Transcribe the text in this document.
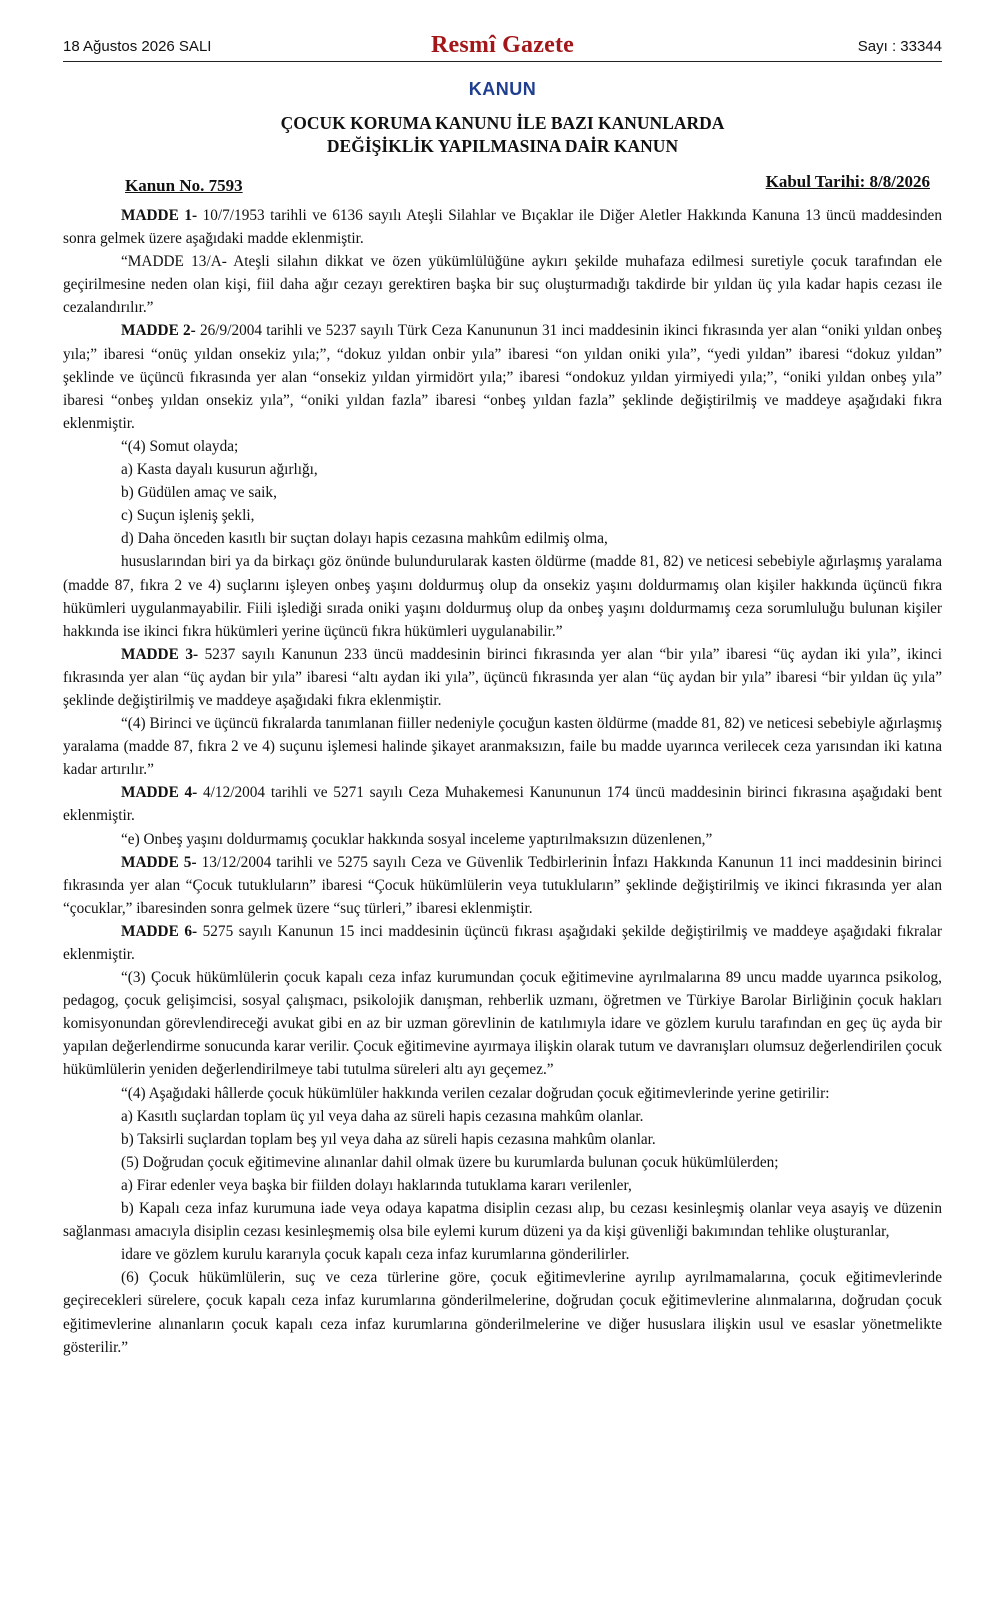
18 Ağustos 2026 SALI	Resmî Gazete	Sayı : 33344
KANUN
ÇOCUK KORUMA KANUNU İLE BAZI KANUNLARDA
DEĞİŞİKLİK YAPILMASINA DAİR KANUN
Kanun No. 7593	Kabul Tarihi: 8/8/2026

MADDE 1- 10/7/1953 tarihli ve 6136 sayılı Ateşli Silahlar ve Bıçaklar ile Diğer Aletler Hakkında Kanuna 13 üncü maddesinden sonra gelmek üzere aşağıdaki madde eklenmiştir.

“MADDE 13/A- Ateşli silahın dikkat ve özen yükümlülüğüne aykırı şekilde muhafaza edilmesi suretiyle çocuk tarafından ele geçirilmesine neden olan kişi, fiil daha ağır cezayı gerektiren başka bir suç oluşturmadığı takdirde bir yıldan üç yıla kadar hapis cezası ile cezalandırılır.”

MADDE 2- 26/9/2004 tarihli ve 5237 sayılı Türk Ceza Kanununun 31 inci maddesinin ikinci fıkrasında yer alan “oniki yıldan onbeş yıla;” ibaresi “onüç yıldan onsekiz yıla;”, “dokuz yıldan onbir yıla” ibaresi “on yıldan oniki yıla”, “yedi yıldan” ibaresi “dokuz yıldan” şeklinde ve üçüncü fıkrasında yer alan “onsekiz yıldan yirmidört yıla;” ibaresi “ondokuz yıldan yirmiyedi yıla;”, “oniki yıldan onbeş yıla” ibaresi “onbeş yıldan onsekiz yıla”, “oniki yıldan fazla” ibaresi “onbeş yıldan fazla” şeklinde değiştirilmiş ve maddeye aşağıdaki fıkra eklenmiştir.

“(4) Somut olayda;

a) Kasta dayalı kusurun ağırlığı,

b) Güdülen amaç ve saik,

c) Suçun işleniş şekli,

d) Daha önceden kasıtlı bir suçtan dolayı hapis cezasına mahkûm edilmiş olma,

hususlarından biri ya da birkaçı göz önünde bulundurularak kasten öldürme (madde 81, 82) ve neticesi sebebiyle ağırlaşmış yaralama (madde 87, fıkra 2 ve 4) suçlarını işleyen onbeş yaşını doldurmuş olup da onsekiz yaşını doldurmamış olan kişiler hakkında üçüncü fıkra hükümleri uygulanmayabilir. Fiili işlediği sırada oniki yaşını doldurmuş olup da onbeş yaşını doldurmamış ceza sorumluluğu bulunan kişiler hakkında ise ikinci fıkra hükümleri yerine üçüncü fıkra hükümleri uygulanabilir.”

MADDE 3- 5237 sayılı Kanunun 233 üncü maddesinin birinci fıkrasında yer alan “bir yıla” ibaresi “üç aydan iki yıla”, ikinci fıkrasında yer alan “üç aydan bir yıla” ibaresi “altı aydan iki yıla”, üçüncü fıkrasında yer alan “üç aydan bir yıla” ibaresi “bir yıldan üç yıla” şeklinde değiştirilmiş ve maddeye aşağıdaki fıkra eklenmiştir.

“(4) Birinci ve üçüncü fıkralarda tanımlanan fiiller nedeniyle çocuğun kasten öldürme (madde 81, 82) ve neticesi sebebiyle ağırlaşmış yaralama (madde 87, fıkra 2 ve 4) suçunu işlemesi halinde şikayet aranmaksızın, faile bu madde uyarınca verilecek ceza yarısından iki katına kadar artırılır.”

MADDE 4- 4/12/2004 tarihli ve 5271 sayılı Ceza Muhakemesi Kanununun 174 üncü maddesinin birinci fıkrasına aşağıdaki bent eklenmiştir.

“e) Onbeş yaşını doldurmamış çocuklar hakkında sosyal inceleme yaptırılmaksızın düzenlenen,”

MADDE 5- 13/12/2004 tarihli ve 5275 sayılı Ceza ve Güvenlik Tedbirlerinin İnfazı Hakkında Kanunun 11 inci maddesinin birinci fıkrasında yer alan “Çocuk tutukluların” ibaresi “Çocuk hükümlülerin veya tutukluların” şeklinde değiştirilmiş ve ikinci fıkrasında yer alan “çocuklar,” ibaresinden sonra gelmek üzere “suç türleri,” ibaresi eklenmiştir.

MADDE 6- 5275 sayılı Kanunun 15 inci maddesinin üçüncü fıkrası aşağıdaki şekilde değiştirilmiş ve maddeye aşağıdaki fıkralar eklenmiştir.

“(3) Çocuk hükümlülerin çocuk kapalı ceza infaz kurumundan çocuk eğitimevine ayrılmalarına 89 uncu madde uyarınca psikolog, pedagog, çocuk gelişimcisi, sosyal çalışmacı, psikolojik danışman, rehberlik uzmanı, öğretmen ve Türkiye Barolar Birliğinin çocuk hakları komisyonundan görevlendireceği avukat gibi en az bir uzman görevlinin de katılımıyla idare ve gözlem kurulu tarafından en geç üç ayda bir yapılan değerlendirme sonucunda karar verilir. Çocuk eğitimevine ayırmaya ilişkin olarak tutum ve davranışları olumsuz değerlendirilen çocuk hükümlülerin yeniden değerlendirilmeye tabi tutulma süreleri altı ayı geçemez.”

“(4) Aşağıdaki hâllerde çocuk hükümlüler hakkında verilen cezalar doğrudan çocuk eğitimevlerinde yerine getirilir:

a) Kasıtlı suçlardan toplam üç yıl veya daha az süreli hapis cezasına mahkûm olanlar.

b) Taksirli suçlardan toplam beş yıl veya daha az süreli hapis cezasına mahkûm olanlar.

(5) Doğrudan çocuk eğitimevine alınanlar dahil olmak üzere bu kurumlarda bulunan çocuk hükümlülerden;

a) Firar edenler veya başka bir fiilden dolayı haklarında tutuklama kararı verilenler,

b) Kapalı ceza infaz kurumuna iade veya odaya kapatma disiplin cezası alıp, bu cezası kesinleşmiş olanlar veya asayiş ve düzenin sağlanması amacıyla disiplin cezası kesinleşmemiş olsa bile eylemi kurum düzeni ya da kişi güvenliği bakımından tehlike oluşturanlar,

idare ve gözlem kurulu kararıyla çocuk kapalı ceza infaz kurumlarına gönderilirler.

(6) Çocuk hükümlülerin, suç ve ceza türlerine göre, çocuk eğitimevlerine ayrılıp ayrılmamalarına, çocuk eğitimevlerinde geçirecekleri sürelere, çocuk kapalı ceza infaz kurumlarına gönderilmelerine, doğrudan çocuk eğitimevlerine alınmalarına, doğrudan çocuk eğitimevlerine alınanların çocuk kapalı ceza infaz kurumlarına gönderilmelerine ve diğer hususlara ilişkin usul ve esaslar yönetmelikte gösterilir.”
